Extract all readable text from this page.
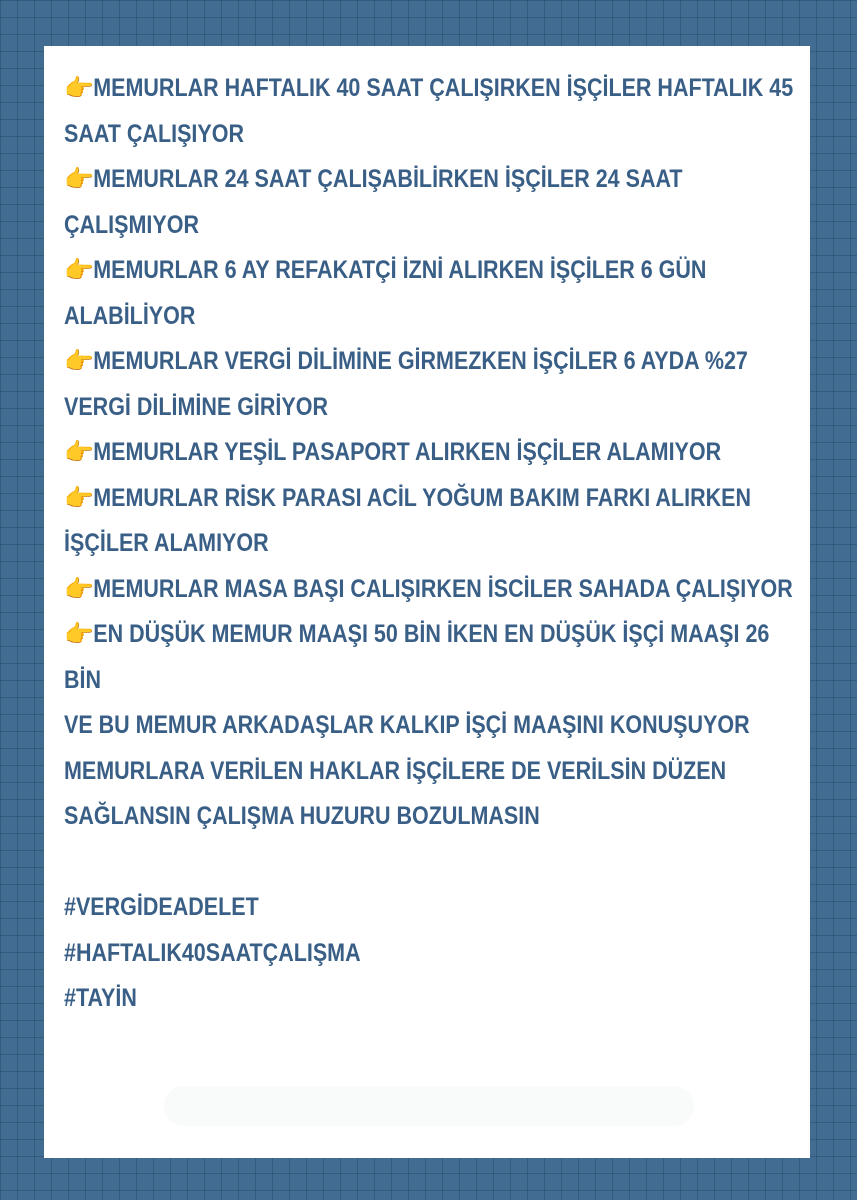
👉MEMURLAR HAFTALIK 40 SAAT ÇALIŞIRKEN İŞÇİLER HAFTALIK 45
SAAT ÇALIŞIYOR
👉MEMURLAR 24 SAAT ÇALIŞABİLİRKEN İŞÇİLER 24 SAAT
ÇALIŞMIYOR
👉MEMURLAR 6 AY REFAKATÇİ İZNİ ALIRKEN İŞÇİLER 6 GÜN
ALABİLİYOR
👉MEMURLAR VERGİ DİLİMİNE GİRMEZKEN İŞÇİLER 6 AYDA %27
VERGİ DİLİMİNE GİRİYOR
👉MEMURLAR YEŞİL PASAPORT ALIRKEN İŞÇİLER ALAMIYOR
👉MEMURLAR RİSK PARASI ACİL YOĞUM BAKIM FARKI ALIRKEN
İŞÇİLER ALAMIYOR
👉MEMURLAR MASA BAŞI CALIŞIRKEN İSCİLER SAHADA ÇALIŞIYOR
👉EN DÜŞÜK MEMUR MAAŞI 50 BİN İKEN EN DÜŞÜK İŞÇİ MAAŞI 26
BİN
VE BU MEMUR ARKADAŞLAR KALKIP İŞÇİ MAAŞINI KONUŞUYOR
MEMURLARA VERİLEN HAKLAR İŞÇİLERE DE VERİLSİN DÜZEN
SAĞLANSIN ÇALIŞMA HUZURU BOZULMASIN
#VERGİDEADELET
#HAFTALIK40SAATÇALIŞMA
#TAYİN
